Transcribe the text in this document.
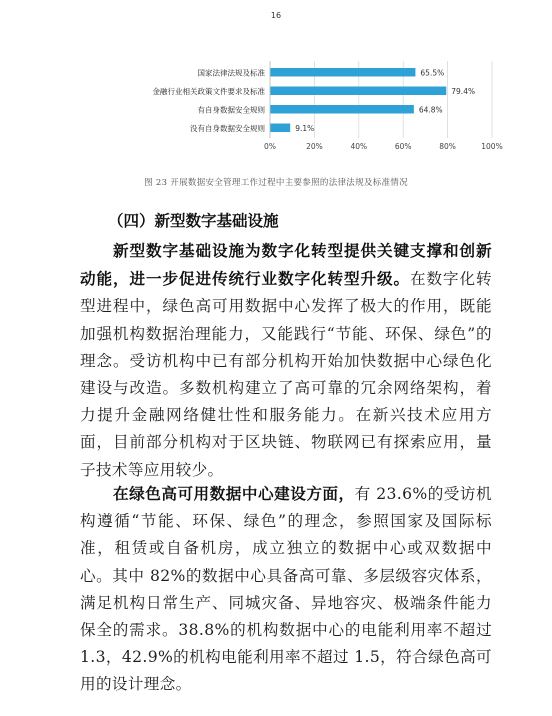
16
0%	20%	40%	60%	80%	100%
国家法律法规及标准	65.5%
金融行业相关政策文件要求及标准	79.4%
有自身数据安全规则	64.8%
没有自身数据安全规则	9.1%
图 23 开展数据安全管理工作过程中主要参照的法律法规及标准情况
（四）新型数字基础设施

新型数字基础设施为数字化转型提供关键支撑和创新动能，进一步促进传统行业数字化转型升级。在数字化转型进程中，绿色高可用数据中心发挥了极大的作用，既能加强机构数据治理能力，又能践行“节能、环保、绿色”的理念。受访机构中已有部分机构开始加快数据中心绿色化建设与改造。多数机构建立了高可靠的冗余网络架构，着力提升金融网络健壮性和服务能力。在新兴技术应用方面，目前部分机构对于区块链、物联网已有探索应用，量子技术等应用较少。

在绿色高可用数据中心建设方面，有 23.6%的受访机构遵循“节能、环保、绿色”的理念，参照国家及国际标准，租赁或自备机房，成立独立的数据中心或双数据中心。其中 82%的数据中心具备高可靠、多层级容灾体系，满足机构日常生产、同城灾备、异地容灾、极端条件能力保全的需求。38.8%的机构数据中心的电能利用率不超过 1.3，42.9%的机构电能利用率不超过 1.5，符合绿色高可用的设计理念。
